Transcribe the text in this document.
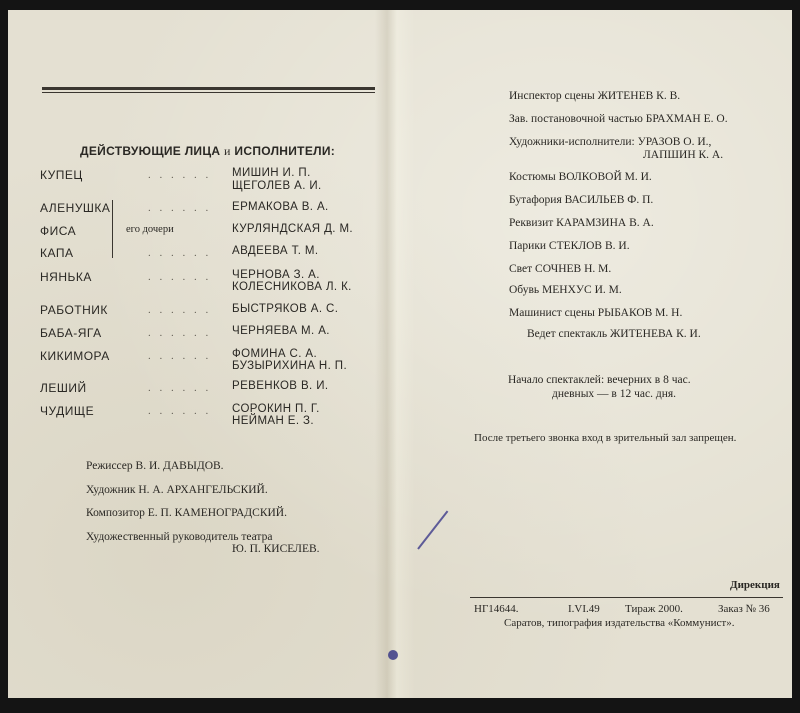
ДЕЙСТВУЮЩИЕ ЛИЦА и ИСПОЛНИТЕЛИ:
КУПЕЦ	. . . . . . МИШИН И. П.
ЩЕГОЛЕВ А. И.
АЛЕНУШКА	. . . . . . ЕРМАКОВА В. А.
его дочери
ФИСА	КУРЛЯНДСКАЯ Д. М.
КАПА	. . . . . . АВДЕЕВА Т. М.
НЯНЬКА	. . . . . . ЧЕРНОВА З. А.
КОЛЕСНИКОВА Л. К.
РАБОТНИК	. . . . . . БЫСТРЯКОВ А. С.
БАБА-ЯГА	. . . . . . ЧЕРНЯЕВА М. А.
КИКИМОРА	. . . . . . ФОМИНА С. А.
БУЗЫРИХИНА Н. П.
ЛЕШИЙ	. . . . . . РЕВЕНКОВ В. И.
ЧУДИЩЕ	. . . . . . СОРОКИН П. Г.
НЕЙМАН Е. З.
Режиссер В. И. ДАВЫДОВ.
Художник Н. А. АРХАНГЕЛЬСКИЙ.
Композитор Е. П. КАМЕНОГРАДСКИЙ.
Художественный руководитель театра
Ю. П. КИСЕЛЕВ.
Инспектор сцены ЖИТЕНЕВ К. В.
Зав. постановочной частью БРАХМАН Е. О.
Художники-исполнители: УРАЗОВ О. И.,
ЛАПШИН К. А.
Костюмы ВОЛКОВОЙ М. И.
Бутафория ВАСИЛЬЕВ Ф. П.
Реквизит КАРАМЗИНА В. А.
Парики СТЕКЛОВ В. И.
Свет СОЧНЕВ Н. М.
Обувь МЕНХУС И. М.
Машинист сцены РЫБАКОВ М. Н.
Ведет спектакль ЖИТЕНЕВА К. И.
Начало спектаклей: вечерних в 8 час.
дневных — в 12 час. дня.
После третьего звонка вход в зрительный зал запрещен.
Дирекция
НГ14644.	I.VI.49 Тираж 2000.	Заказ № 36
Саратов, типография издательства «Коммунист».
